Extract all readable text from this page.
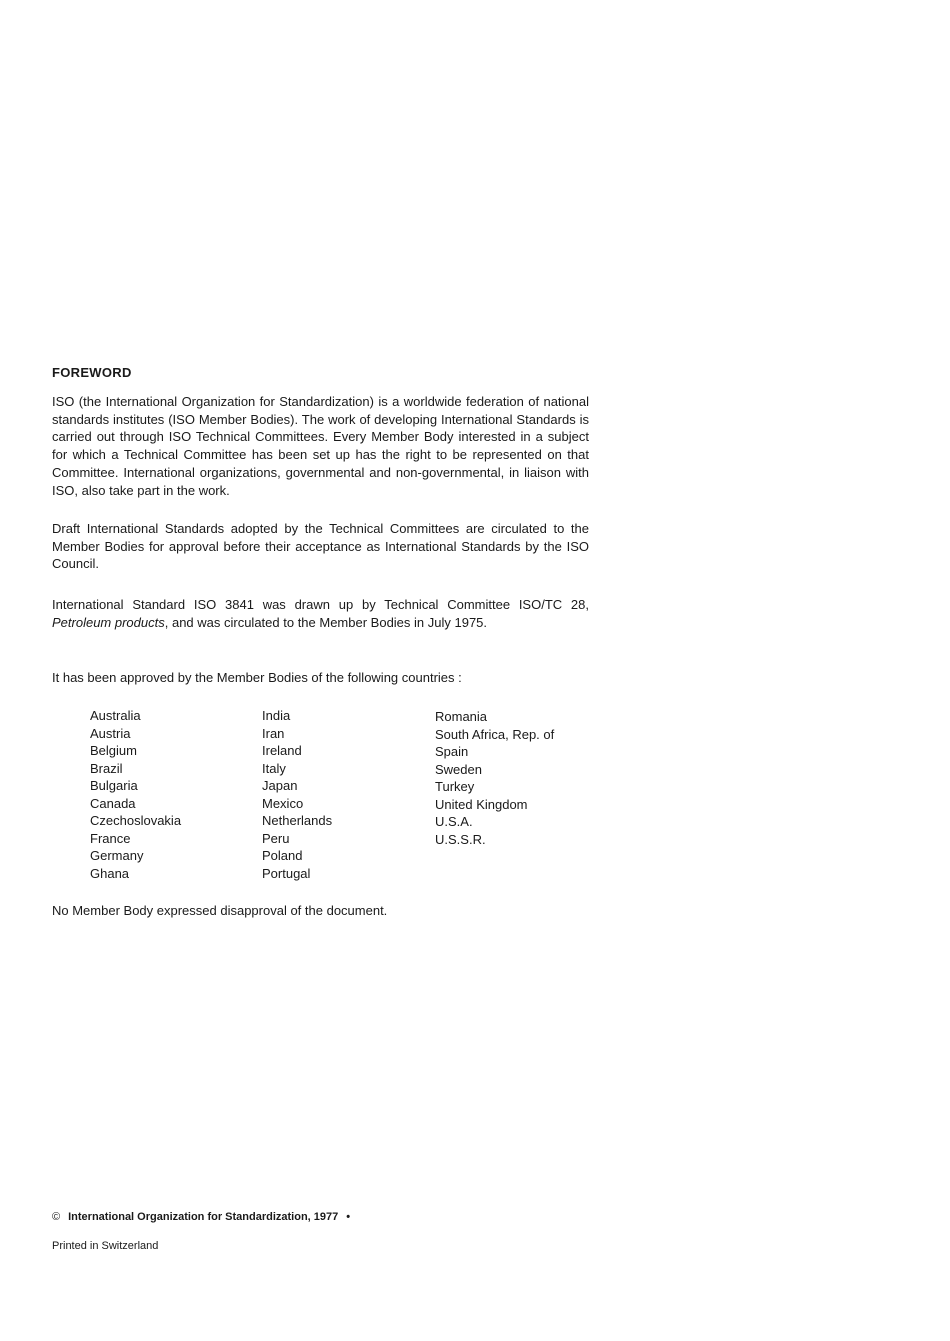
FOREWORD

ISO (the International Organization for Standardization) is a worldwide federation of national standards institutes (ISO Member Bodies). The work of developing International Standards is carried out through ISO Technical Committees. Every Member Body interested in a subject for which a Technical Committee has been set up has the right to be represented on that Committee. International organizations, governmental and non-governmental, in liaison with ISO, also take part in the work.

Draft International Standards adopted by the Technical Committees are circulated to the Member Bodies for approval before their acceptance as International Standards by the ISO Council.

International Standard ISO 3841 was drawn up by Technical Committee ISO/TC 28, Petroleum products, and was circulated to the Member Bodies in July 1975.

It has been approved by the Member Bodies of the following countries :

Australia
Austria
Belgium
Brazil
Bulgaria
Canada
Czechoslovakia
France
Germany
Ghana
India
Iran
Ireland
Italy
Japan
Mexico
Netherlands
Peru
Poland
Portugal
Romania
South Africa, Rep. of
Spain
Sweden
Turkey
United Kingdom
U.S.A.
U.S.S.R.
No Member Body expressed disapproval of the document.
© International Organization for Standardization, 1977 •
Printed in Switzerland
